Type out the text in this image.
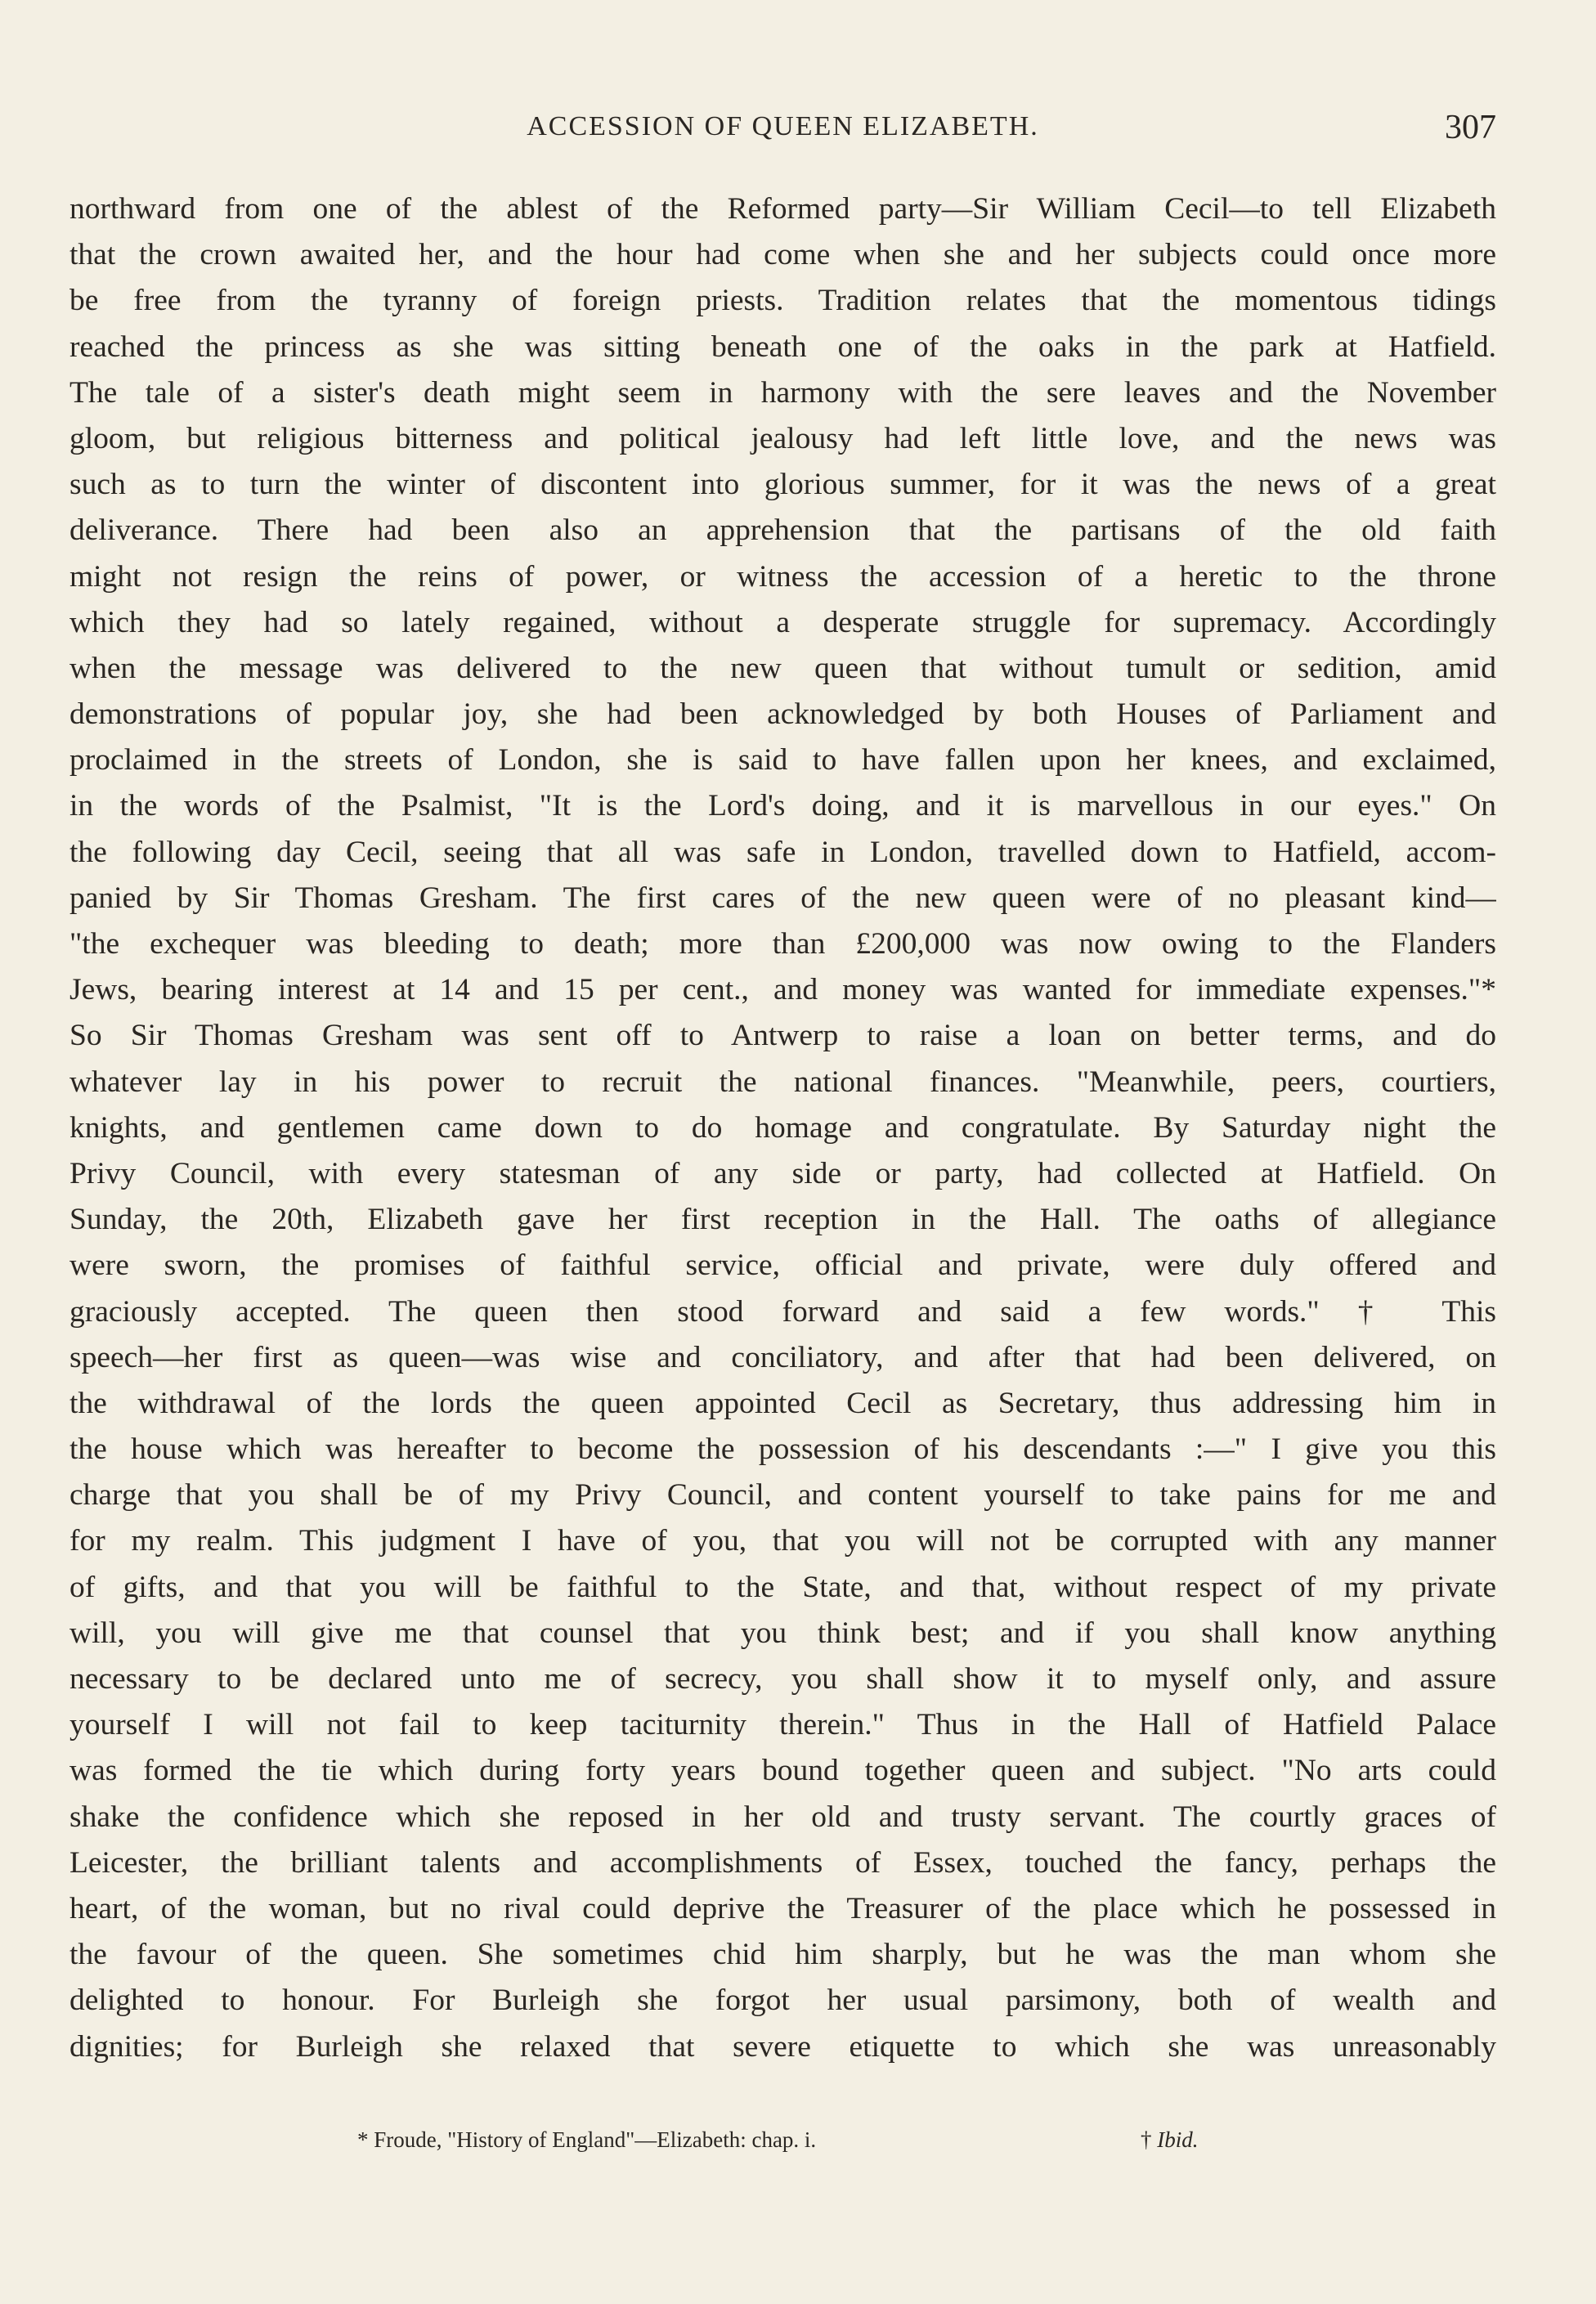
ACCESSION OF QUEEN ELIZABETH.	307
northward from one of the ablest of the Reformed party—Sir William Cecil—to tell Elizabeth
that the crown awaited her, and the hour had come when she and her subjects could once more
be free from the tyranny of foreign priests. Tradition relates that the momentous tidings
reached the princess as she was sitting beneath one of the oaks in the park at Hatfield.
The tale of a sister's death might seem in harmony with the sere leaves and the November
gloom, but religious bitterness and political jealousy had left little love, and the news was
such as to turn the winter of discontent into glorious summer, for it was the news of a great
deliverance. There had been also an apprehension that the partisans of the old faith
might not resign the reins of power, or witness the accession of a heretic to the throne
which they had so lately regained, without a desperate struggle for supremacy. Accordingly
when the message was delivered to the new queen that without tumult or sedition, amid
demonstrations of popular joy, she had been acknowledged by both Houses of Parliament and
proclaimed in the streets of London, she is said to have fallen upon her knees, and exclaimed,
in the words of the Psalmist, "It is the Lord's doing, and it is marvellous in our eyes." On
the following day Cecil, seeing that all was safe in London, travelled down to Hatfield, accom-
panied by Sir Thomas Gresham. The first cares of the new queen were of no pleasant kind—
"the exchequer was bleeding to death; more than £200,000 was now owing to the Flanders
Jews, bearing interest at 14 and 15 per cent., and money was wanted for immediate expenses."*
So Sir Thomas Gresham was sent off to Antwerp to raise a loan on better terms, and do
whatever lay in his power to recruit the national finances. "Meanwhile, peers, courtiers,
knights, and gentlemen came down to do homage and congratulate. By Saturday night the
Privy Council, with every statesman of any side or party, had collected at Hatfield. On
Sunday, the 20th, Elizabeth gave her first reception in the Hall. The oaths of allegiance
were sworn, the promises of faithful service, official and private, were duly offered and
graciously accepted. The queen then stood forward and said a few words." † This
speech—her first as queen—was wise and conciliatory, and after that had been delivered, on
the withdrawal of the lords the queen appointed Cecil as Secretary, thus addressing him in
the house which was hereafter to become the possession of his descendants :—" I give you this
charge that you shall be of my Privy Council, and content yourself to take pains for me and
for my realm. This judgment I have of you, that you will not be corrupted with any manner
of gifts, and that you will be faithful to the State, and that, without respect of my private
will, you will give me that counsel that you think best; and if you shall know anything
necessary to be declared unto me of secrecy, you shall show it to myself only, and assure
yourself I will not fail to keep taciturnity therein." Thus in the Hall of Hatfield Palace
was formed the tie which during forty years bound together queen and subject. "No arts could
shake the confidence which she reposed in her old and trusty servant. The courtly graces of
Leicester, the brilliant talents and accomplishments of Essex, touched the fancy, perhaps the
heart, of the woman, but no rival could deprive the Treasurer of the place which he possessed in
the favour of the queen. She sometimes chid him sharply, but he was the man whom she
delighted to honour. For Burleigh she forgot her usual parsimony, both of wealth and
dignities; for Burleigh she relaxed that severe etiquette to which she was unreasonably
* Froude, "History of England"—Elizabeth: chap. i.	† Ibid.
